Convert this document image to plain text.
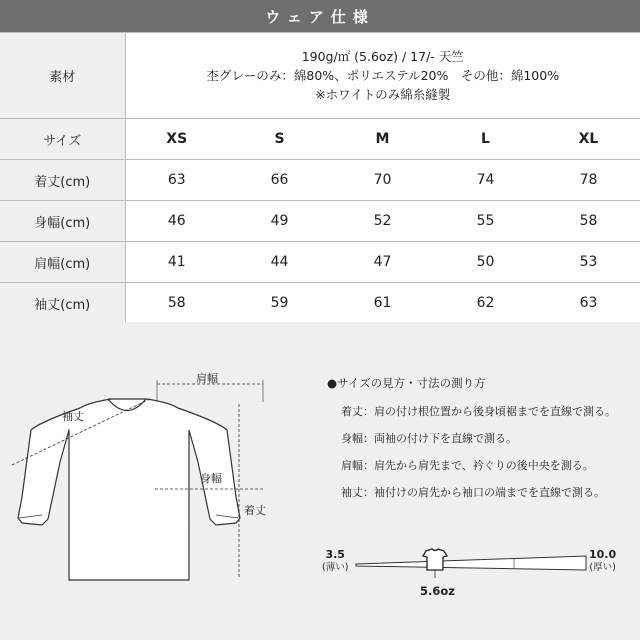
ウェア仕様
素材	190g/㎡ (5.6oz) / 17/- 天竺
杢グレーのみ：綿80%、ポリエステル20%　その他：綿100%
※ホワイトのみ綿糸縫製				

サイズ	XS	S	M	L	XL
着丈(cm)	63	66	70	74	78
身幅(cm)	46	49	52	55	58
肩幅(cm)	41	44	47	50	53
袖丈(cm)	58	59	61	62	63
肩幅
袖丈
身幅
着丈
●サイズの見方・寸法の測り方
着丈：肩の付け根位置から後身頃裾までを直線で測る。
身幅：両袖の付け下を直線で測る。
肩幅：肩先から肩先まで、衿ぐりの後中央を測る。
袖丈：袖付けの肩先から袖口の端までを直線で測る。
3.5
(薄い)
10.0
(厚い)
5.6oz
